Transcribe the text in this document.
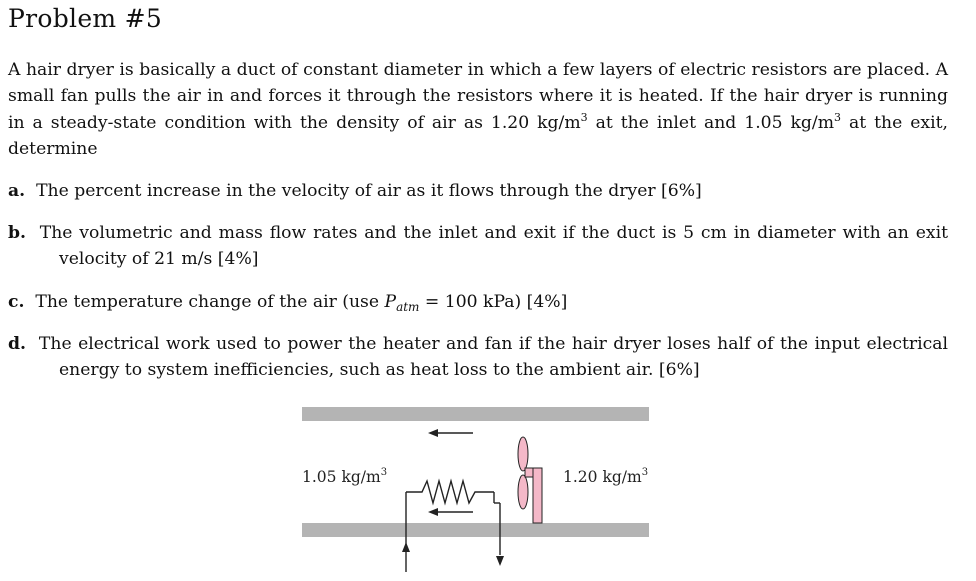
Problem #5

A hair dryer is basically a duct of constant diameter in which a few layers of electric resistors are placed. A small fan pulls the air in and forces it through the resistors where it is heated. If the hair dryer is running in a steady-state condition with the density of air as 1.20 $kg/m^3$ at the inlet and 1.05 $kg/m^3$ at the exit, determine

a. The percent increase in the velocity of air as it flows through the dryer [6%]

b. The volumetric and mass flow rates and the inlet and exit if the duct is 5 cm in diameter with an exit velocity of 21 m/s [4%]

c. The temperature change of the air (use $P_{atm} = 100$ kPa) [4%]

d. The electrical work used to power the heater and fan if the hair dryer loses half of the input electrical energy to system inefficiencies, such as heat loss to the ambient air. [6%]

1.05 $kg/m^3$	1.20 $kg/m^3$
